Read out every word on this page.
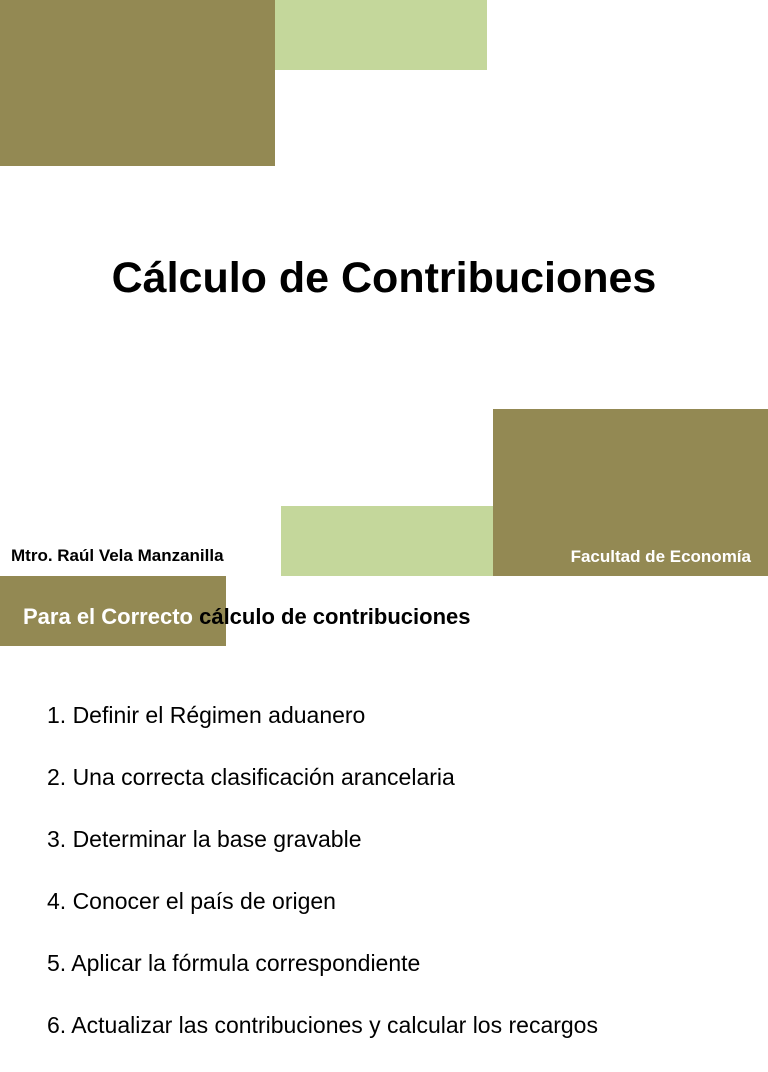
Cálculo de Contribuciones
Mtro. Raúl Vela Manzanilla	Facultad de Economía
Para el Correcto cálculo de contribuciones
1. Definir el Régimen aduanero
2. Una correcta clasificación arancelaria
3. Determinar la base gravable
4. Conocer el país de origen
5. Aplicar la fórmula correspondiente
6. Actualizar las contribuciones y calcular los recargos
